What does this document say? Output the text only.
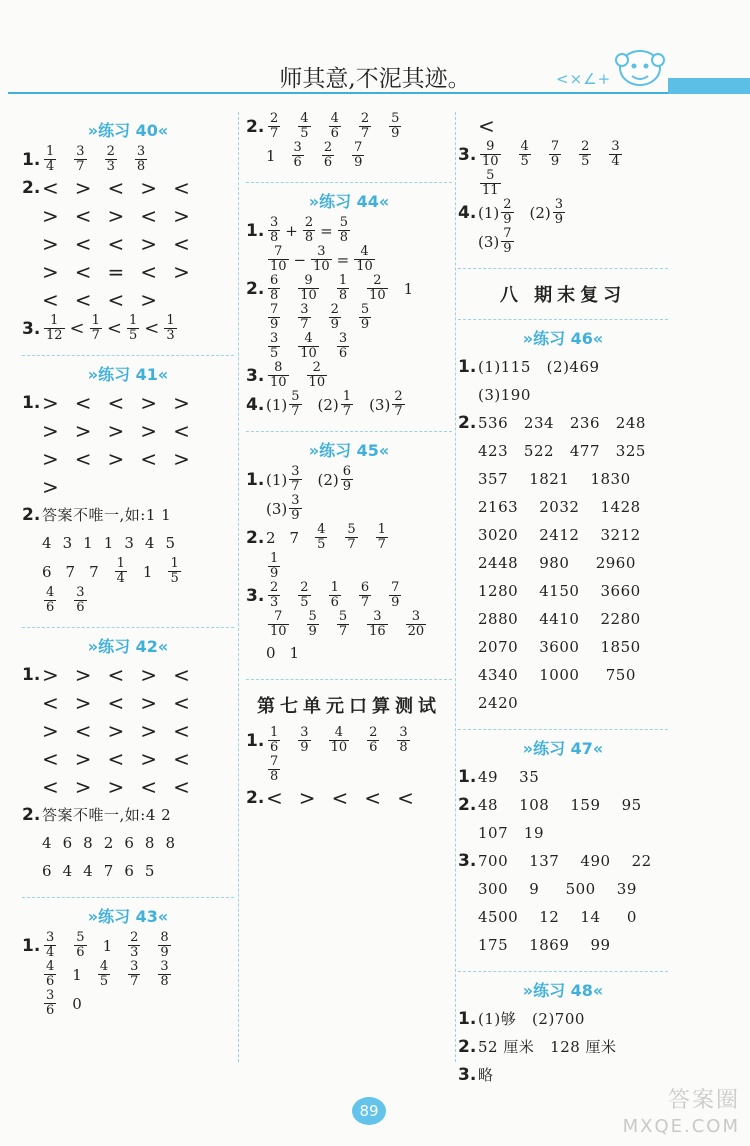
<×∠+
师其意,不泥其迹。
»练习 40«
1. $\frac{1}{4} \frac{3}{7} \frac{2}{3} \frac{3}{8}$
2. < > < > <
> < > < >
> < < > <
> < = < >
< < < >
3. $\frac{1}{12} < \frac{1}{7} < \frac{1}{5} < \frac{1}{3}$
»练习 41«
1. > < < > >
> > > > <
> < > < >
>
2. 答案不唯一,如:1 1
4  3  1  1  3  4  5
6 7 $7 \frac{1}{4} 1 \frac{1}{5}$
$\frac{4}{6} \frac{3}{6}$
»练习 42«
1. > > < > <
< > < > <
> < > > <
< > < > <
< > > < <
2. 答案不唯一,如:4 2
4  6  8  2  6  8  8
6  4  4  7  6  5
»练习 43«
1. $\frac{3}{4} \frac{5}{6} 1 \frac{2}{3} \frac{8}{9}$
$\frac{4}{6} 1 \frac{4}{5} \frac{3}{7} \frac{3}{8}$
$\frac{3}{6} 0$
2. $\frac{2}{7} \frac{4}{5} \frac{4}{6} \frac{2}{7} \frac{5}{9}$
$1 \frac{3}{6} \frac{2}{6} \frac{7}{9}$
»练习 44«
1. $\frac{3}{8} + \frac{2}{8} = \frac{5}{8}$
$\frac{7}{10} - \frac{3}{10} = \frac{4}{10}$
2. $\frac{6}{8} \frac{9}{10} \frac{1}{8} \frac{2}{10} 1$
$\frac{7}{9} \frac{3}{7} \frac{2}{9} \frac{5}{9}$
$\frac{3}{5} \frac{4}{10} \frac{3}{6}$
3. $\frac{8}{10} \frac{2}{10}$
4. $(1) \frac{5}{7} (2) \frac{1}{7} (3) \frac{2}{7}$
»练习 45«
1. $(1) \frac{3}{7} (2) \frac{6}{9}$
$(3) \frac{3}{9}$
2. 2 $7 \frac{4}{5} \frac{5}{7} \frac{1}{7}$
$\frac{1}{9}$
3. $\frac{2}{3} \frac{2}{5} \frac{1}{6} \frac{6}{7} \frac{7}{9}$
$\frac{7}{10} \frac{5}{9} \frac{5}{7} \frac{3}{16} \frac{3}{20}$
0 1
第七单元口算测试
1. $\frac{1}{6} \frac{3}{9} \frac{4}{10} \frac{2}{6} \frac{3}{8}$
$\frac{7}{8}$
2. < > < < <
<
3. $\frac{9}{10} \frac{4}{5} \frac{7}{9} \frac{2}{5} \frac{3}{4}$
$\frac{5}{11}$
4. $(1) \frac{2}{9} (2) \frac{3}{9}$
$(3) \frac{7}{9}$
八 期末复习
»练习 46«
1. (1)115   (2)469
(3)190
2. 536   234   236   248
423   522   477   325
357    1821    1830
2163    2032    1428
3020    2412    3212
2448    980     2960
1280    4150    3660
2880    4410    2280
2070    3600    1850
4340    1000     750
2420
»练习 47«
1. 49    35
2. 48    108    159    95
107   19
3. 700    137    490    22
300    9     500    39
4500    12    14     0
175    1869    99
»练习 48«
1. (1)够   (2)700
2. 52 厘米   128 厘米
3. 略
89	答案圈
MXQE.COM
